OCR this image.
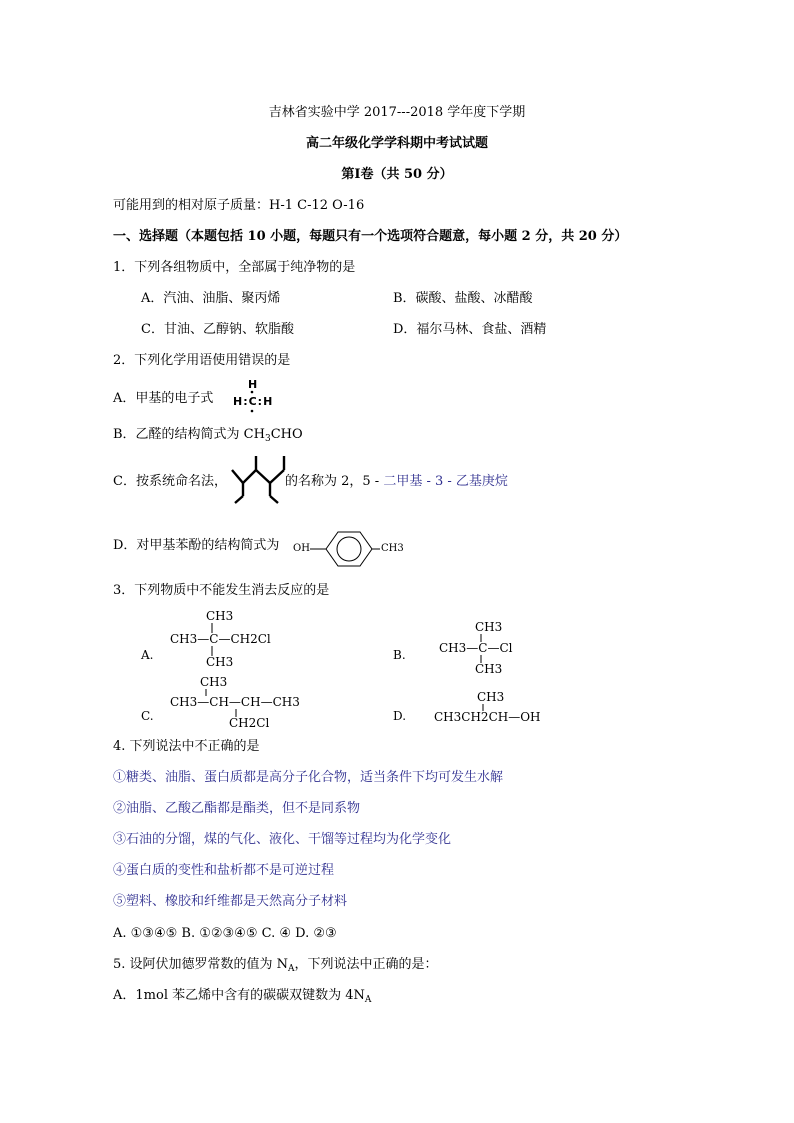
吉林省实验中学 2017---2018 学年度下学期
高二年级化学学科期中考试试题
第Ⅰ卷（共 50 分）
可能用到的相对原子质量：H-1 C-12 O-16
一、选择题（本题包括 10 小题，每题只有一个选项符合题意，每小题 2 分，共 20 分）
1．下列各组物质中，全部属于纯净物的是
A．汽油、油脂、聚丙烯	B．碳酸、盐酸、冰醋酸
C．甘油、乙醇钠、软脂酸	D．福尔马林、食盐、酒精
2．下列化学用语使用错误的是
A．甲基的电子式
H
H:C:H
B．乙醛的结构简式为 $CH_3CHO$
C．按系统命名法，	的名称为 2，5 - 二甲基 - 3 - 乙基庚烷
D．对甲基苯酚的结构简式为 OH	CH3
3．下列物质中不能发生消去反应的是
A.
CH3
CH3—C—CH2Cl
CH3	B.
CH3
CH3—C—Cl
CH3
C.
CH3
CH3—CH—CH—CH3
CH2Cl	D.
CH3
CH3CH2CH—OH
4. 下列说法中不正确的是
①糖类、油脂、蛋白质都是高分子化合物，适当条件下均可发生水解
②油脂、乙酸乙酯都是酯类，但不是同系物
③石油的分馏，煤的气化、液化、干馏等过程均为化学变化
④蛋白质的变性和盐析都不是可逆过程
⑤塑料、橡胶和纤维都是天然高分子材料
A. ①③④⑤ B. ①②③④⑤ C. ④ D. ②③
5. 设阿伏加德罗常数的值为 $N_A$，下列说法中正确的是：
A．1mol 苯乙烯中含有的碳碳双键数为 $4N_A$
